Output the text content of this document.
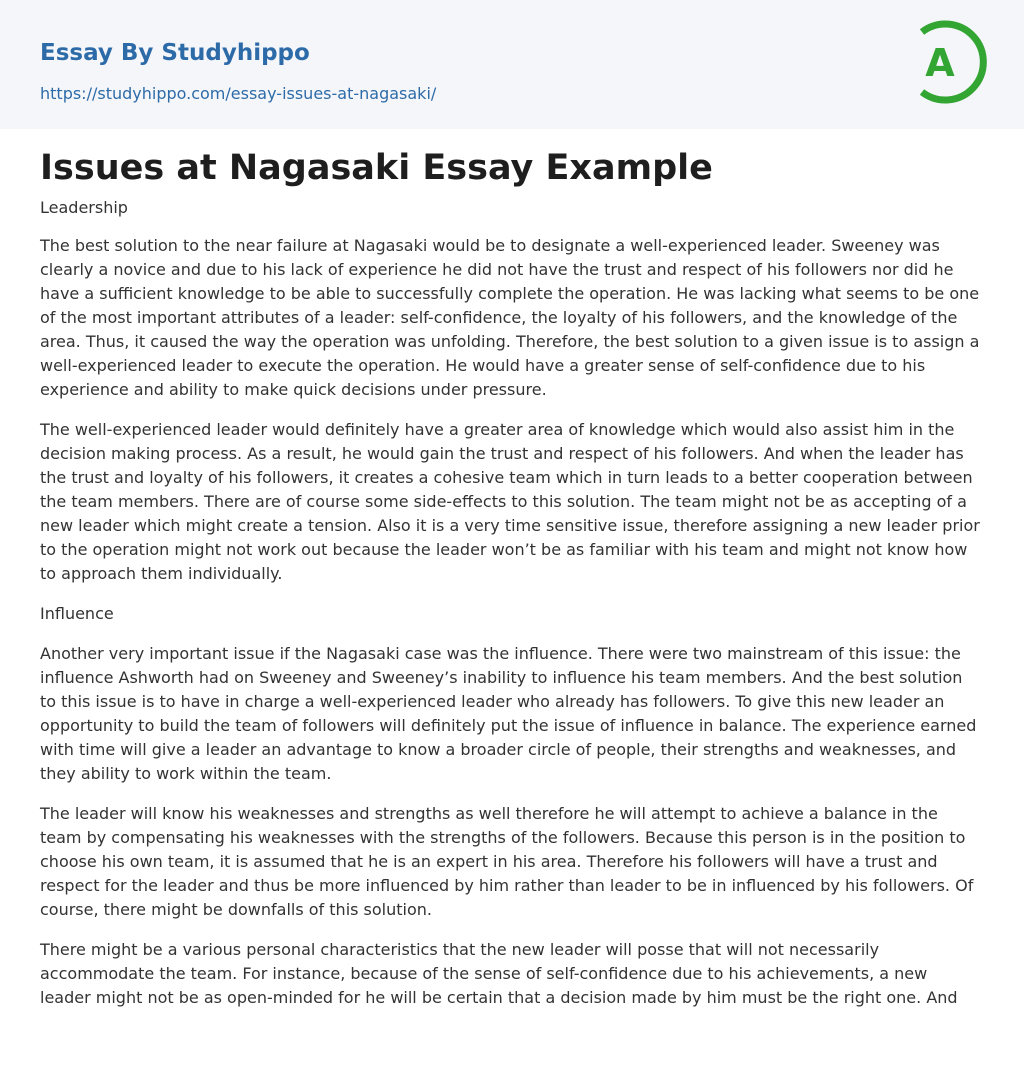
Essay By Studyhippo
https://studyhippo.com/essay-issues-at-nagasaki/
A
Issues at Nagasaki Essay Example
Leadership

The best solution to the near failure at Nagasaki would be to designate a well-experienced leader. Sweeney was clearly a novice and due to his lack of experience he did not have the trust and respect of his followers nor did he have a sufficient knowledge to be able to successfully complete the operation. He was lacking what seems to be one of the most important attributes of a leader: self-confidence, the loyalty of his followers, and the knowledge of the area. Thus, it caused the way the operation was unfolding. Therefore, the best solution to a given issue is to assign a well-experienced leader to execute the operation. He would have a greater sense of self-confidence due to his experience and ability to make quick decisions under pressure.

The well-experienced leader would definitely have a greater area of knowledge which would also assist him in the decision making process. As a result, he would gain the trust and respect of his followers. And when the leader has the trust and loyalty of his followers, it creates a cohesive team which in turn leads to a better cooperation between the team members. There are of course some side-effects to this solution. The team might not be as accepting of a new leader which might create a tension. Also it is a very time sensitive issue, therefore assigning a new leader prior to the operation might not work out because the leader won’t be as familiar with his team and might not know how to approach them individually.

Influence

Another very important issue if the Nagasaki case was the influence. There were two mainstream of this issue: the influence Ashworth had on Sweeney and Sweeney’s inability to influence his team members. And the best solution to this issue is to have in charge a well-experienced leader who already has followers. To give this new leader an opportunity to build the team of followers will definitely put the issue of influence in balance. The experience earned with time will give a leader an advantage to know a broader circle of people, their strengths and weaknesses, and they ability to work within the team.

The leader will know his weaknesses and strengths as well therefore he will attempt to achieve a balance in the team by compensating his weaknesses with the strengths of the followers. Because this person is in the position to choose his own team, it is assumed that he is an expert in his area. Therefore his followers will have a trust and respect for the leader and thus be more influenced by him rather than leader to be in influenced by his followers. Of course, there might be downfalls of this solution.

There might be a various personal characteristics that the new leader will posse that will not necessarily accommodate the team. For instance, because of the sense of self-confidence due to his achievements, a new leader might not be as open-minded for he will be certain that a decision made by him must be the right one. And
